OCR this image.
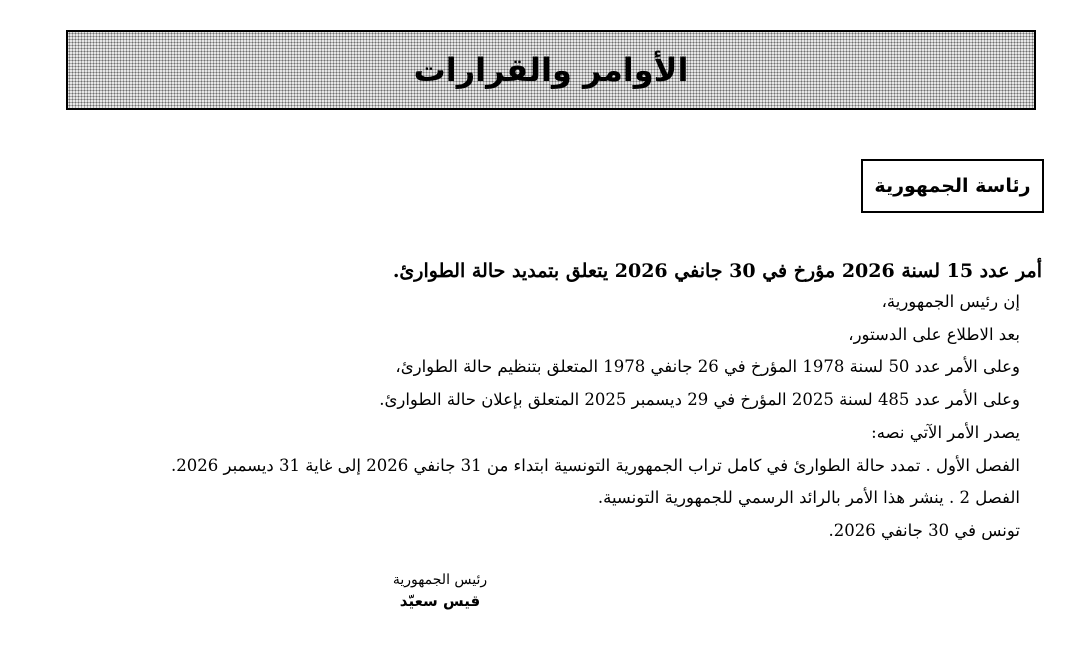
الأوامر والقرارات
رئاسة الجمهورية

أمر عدد 15 لسنة 2026 مؤرخ في 30 جانفي 2026 يتعلق بتمديد حالة الطوارئ.

إن رئيس الجمهورية،
بعد الاطلاع على الدستور،
وعلى الأمر عدد 50 لسنة 1978 المؤرخ في 26 جانفي 1978 المتعلق بتنظيم حالة الطوارئ،
وعلى الأمر عدد 485 لسنة 2025 المؤرخ في 29 ديسمبر 2025 المتعلق بإعلان حالة الطوارئ.
يصدر الأمر الآتي نصه:
الفصل الأول . تمدد حالة الطوارئ في كامل تراب الجمهورية التونسية ابتداء من 31 جانفي 2026 إلى غاية 31 ديسمبر 2026.
الفصل 2 . ينشر هذا الأمر بالرائد الرسمي للجمهورية التونسية.
تونس في 30 جانفي 2026.
رئيس الجمهورية
قيس سعيّد
